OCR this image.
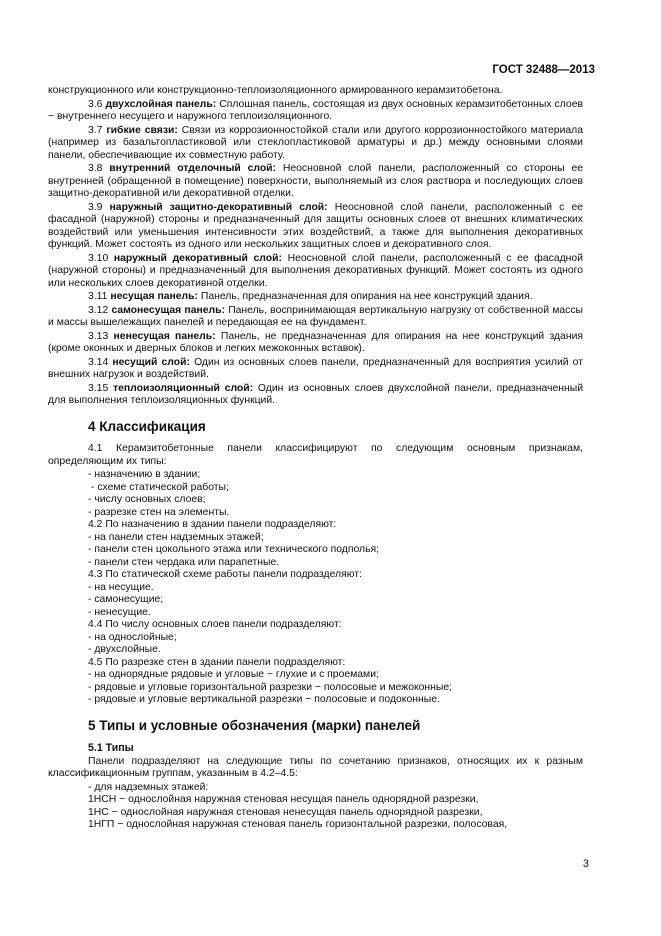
ГОСТ 32488—2013

конструкционного или конструкционно-теплоизоляционного армированного керамзитобетона.

3.6 двухслойная панель: Сплошная панель, состоящая из двух основных керамзитобетонных слоев − внутреннего несущего и наружного теплоизоляционного.

3.7 гибкие связи: Связи из коррозионностойкой стали или другого коррозионностойкого материала (например из базальтопластиковой или стеклопластиковой арматуры и др.) между основными слоями панели, обеспечивающие их совместную работу.

3.8 внутренний отделочный слой: Неосновной слой панели, расположенный со стороны ее внутренней (обращенной в помещение) поверхности, выполняемый из слоя раствора и последующих слоев защитно-декоративной или декоративной отделки.

3.9 наружный защитно-декоративный слой: Неосновной слой панели, расположенный с ее фасадной (наружной) стороны и предназначенный для защиты основных слоев от внешних климатических воздействий или уменьшения интенсивности этих воздействий, а также для выполнения декоративных функций. Может состоять из одного или нескольких защитных слоев и декоративного слоя.

3.10 наружный декоративный слой: Неосновной слой панели, расположенный с ее фасадной (наружной стороны) и предназначенный для выполнения декоративных функций. Может состоять из одного или нескольких слоев декоративной отделки.

3.11 несущая панель: Панель, предназначенная для опирания на нее конструкций здания.

3.12 самонесущая панель: Панель, воспринимающая вертикальную нагрузку от собственной массы и массы вышележащих панелей и передающая ее на фундамент.

3.13 ненесущая панель: Панель, не предназначенная для опирания на нее конструкций здания (кроме оконных и дверных блоков и легких межоконных вставок).

3.14 несущий слой: Один из основных слоев панели, предназначенный для восприятия усилий от внешних нагрузок и воздействий.

3.15 теплоизоляционный слой: Один из основных слоев двухслойной панели, предназначенный для выполнения теплоизоляционных функций.

4 Классификация

4.1 Керамзитобетонные панели классифицируют по следующим основным признакам, определяющим их типы:

- назначению в здании;

- схеме статической работы;

- числу основных слоев;

- разрезке стен на элементы.

4.2 По назначению в здании панели подразделяют:

- на панели стен надземных этажей;

- панели стен цокольного этажа или технического подполья;

- панели стен чердака или парапетные.

4.3 По статической схеме работы панели подразделяют:

- на несущие.

- самонесущие;

- ненесущие.

4.4 По числу основных слоев панели подразделяют:

- на однослойные;

- двухслойные.

4.5 По разрезке стен в здании панели подразделяют:

- на однорядные рядовые и угловые − глухие и с проемами;

- рядовые и угловые горизонтальной разрезки − полосовые и межоконные;

- рядовые и угловые вертикальной разрезки − полосовые и подоконные.

5 Типы и условные обозначения (марки) панелей
5.1 Типы

Панели подразделяют на следующие типы по сочетанию признаков, относящих их к разным классификационным группам, указанным в 4.2–4.5:

- для надземных этажей:

1НСН − однослойная наружная стеновая несущая панель однорядной разрезки,

1НС − однослойная наружная стеновая ненесущая панель однорядной разрезки,

1НГП − однослойная наружная стеновая панель горизонтальной разрезки, полосовая,

3
